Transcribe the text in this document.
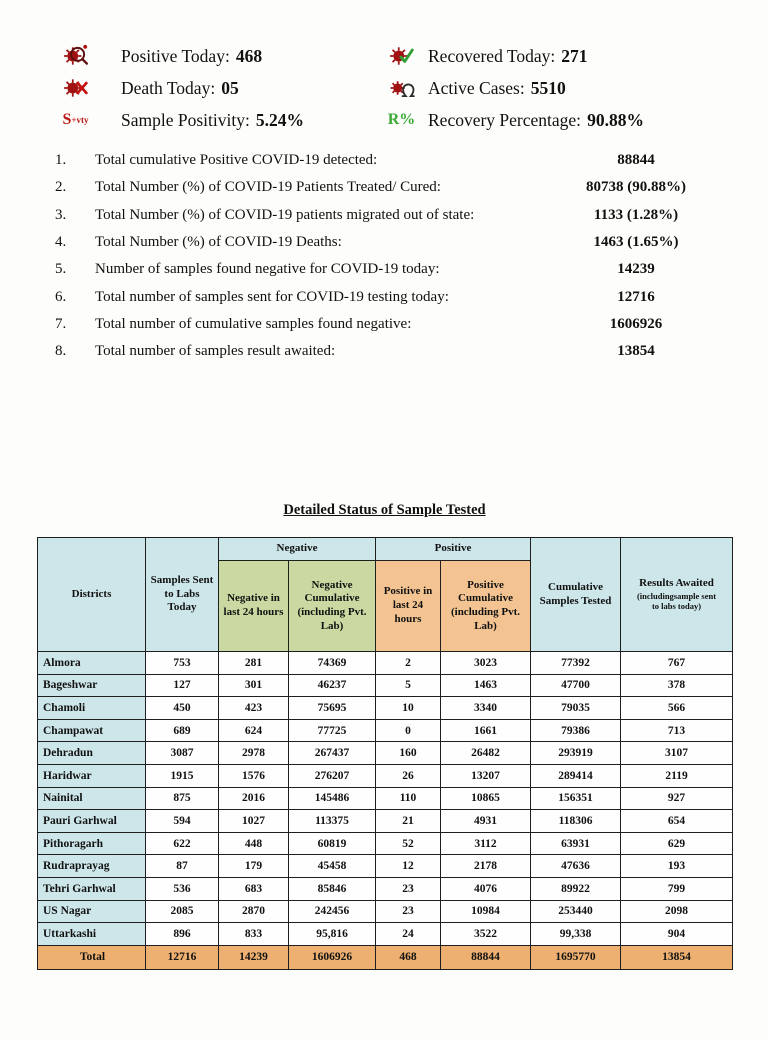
Positive Today: 468
Death Today: 05
S +vty Sample Positivity: 5.24%
Recovered Today: 271
Active Cases: 5510
R% Recovery Percentage: 90.88%
1.	Total cumulative Positive COVID-19 detected:	88844
2.	Total Number (%) of COVID-19 Patients Treated/ Cured:	80738 (90.88%)
3.	Total Number (%) of COVID-19 patients migrated out of state:	1133 (1.28%)
4.	Total Number (%) of COVID-19 Deaths:	1463 (1.65%)
5.	Number of samples found negative for COVID-19 today:	14239
6.	Total number of samples sent for COVID-19 testing today:	12716
7.	Total number of cumulative samples found negative:	1606926
8.	Total number of samples result awaited:	13854
Detailed Status of Sample Tested
Districts	Samples Sent to Labs Today	Negative		Positive		Cumulative Samples Tested	Results Awaited
(includingsample sent to labs today)

		Negative in last 24 hours	Negative Cumulative (including Pvt. Lab)	Positive in last 24 hours	Positive Cumulative (including Pvt. Lab)		
Almora	753	281	74369	2	3023	77392	767
Bageshwar	127	301	46237	5	1463	47700	378
Chamoli	450	423	75695	10	3340	79035	566
Champawat	689	624	77725	0	1661	79386	713
Dehradun	3087	2978	267437	160	26482	293919	3107
Haridwar	1915	1576	276207	26	13207	289414	2119
Nainital	875	2016	145486	110	10865	156351	927
Pauri Garhwal	594	1027	113375	21	4931	118306	654
Pithoragarh	622	448	60819	52	3112	63931	629
Rudraprayag	87	179	45458	12	2178	47636	193
Tehri Garhwal	536	683	85846	23	4076	89922	799
US Nagar	2085	2870	242456	23	10984	253440	2098
Uttarkashi	896	833	95,816	24	3522	99,338	904
Total	12716	14239	1606926	468	88844	1695770	13854
